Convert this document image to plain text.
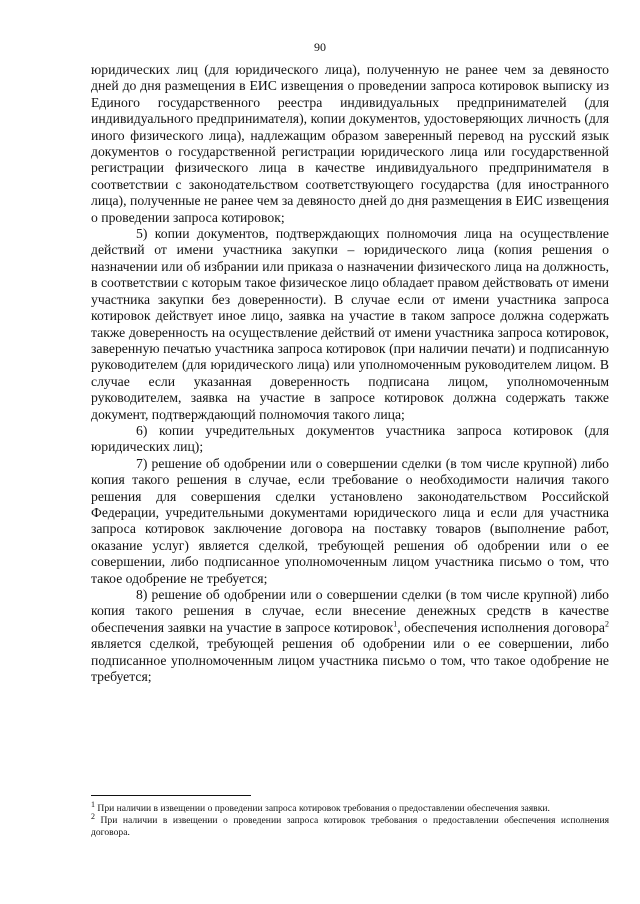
90

юридических лиц (для юридического лица), полученную не ранее чем за девяносто дней до дня размещения в ЕИС извещения о проведении запроса котировок выписку из Единого государственного реестра индивидуальных предпринимателей (для индивидуального предпринимателя), копии документов, удостоверяющих личность (для иного физического лица), надлежащим образом заверенный перевод на русский язык документов о государственной регистрации юридического лица или государственной регистрации физического лица в качестве индивидуального предпринимателя в соответствии с законодательством соответствующего государства (для иностранного лица), полученные не ранее чем за девяносто дней до дня размещения в ЕИС извещения о проведении запроса котировок;

5) копии документов, подтверждающих полномочия лица на осуществление действий от имени участника закупки – юридического лица (копия решения о назначении или об избрании или приказа о назначении физического лица на должность, в соответствии с которым такое физическое лицо обладает правом действовать от имени участника закупки без доверенности). В случае если от имени участника запроса котировок действует иное лицо, заявка на участие в таком запросе должна содержать также доверенность на осуществление действий от имени участника запроса котировок, заверенную печатью участника запроса котировок (при наличии печати) и подписанную руководителем (для юридического лица) или уполномоченным руководителем лицом. В случае если указанная доверенность подписана лицом, уполномоченным руководителем, заявка на участие в запросе котировок должна содержать также документ, подтверждающий полномочия такого лица;

6) копии учредительных документов участника запроса котировок (для юридических лиц);

7) решение об одобрении или о совершении сделки (в том числе крупной) либо копия такого решения в случае, если требование о необходимости наличия такого решения для совершения сделки установлено законодательством Российской Федерации, учредительными документами юридического лица и если для участника запроса котировок заключение договора на поставку товаров (выполнение работ, оказание услуг) является сделкой, требующей решения об одобрении или о ее совершении, либо подписанное уполномоченным лицом участника письмо о том, что такое одобрение не требуется;

8) решение об одобрении или о совершении сделки (в том числе крупной) либо копия такого решения в случае, если внесение денежных средств в качестве обеспечения заявки на участие в запросе котировок$^1$, обеспечения исполнения договора$^2$ является сделкой, требующей решения об одобрении или о ее совершении, либо подписанное уполномоченным лицом участника письмо о том, что такое одобрение не требуется;

$^1$ При наличии в извещении о проведении запроса котировок требования о предоставлении обеспечения заявки.

$^2$ При наличии в извещении о проведении запроса котировок требования о предоставлении обеспечения исполнения договора.
